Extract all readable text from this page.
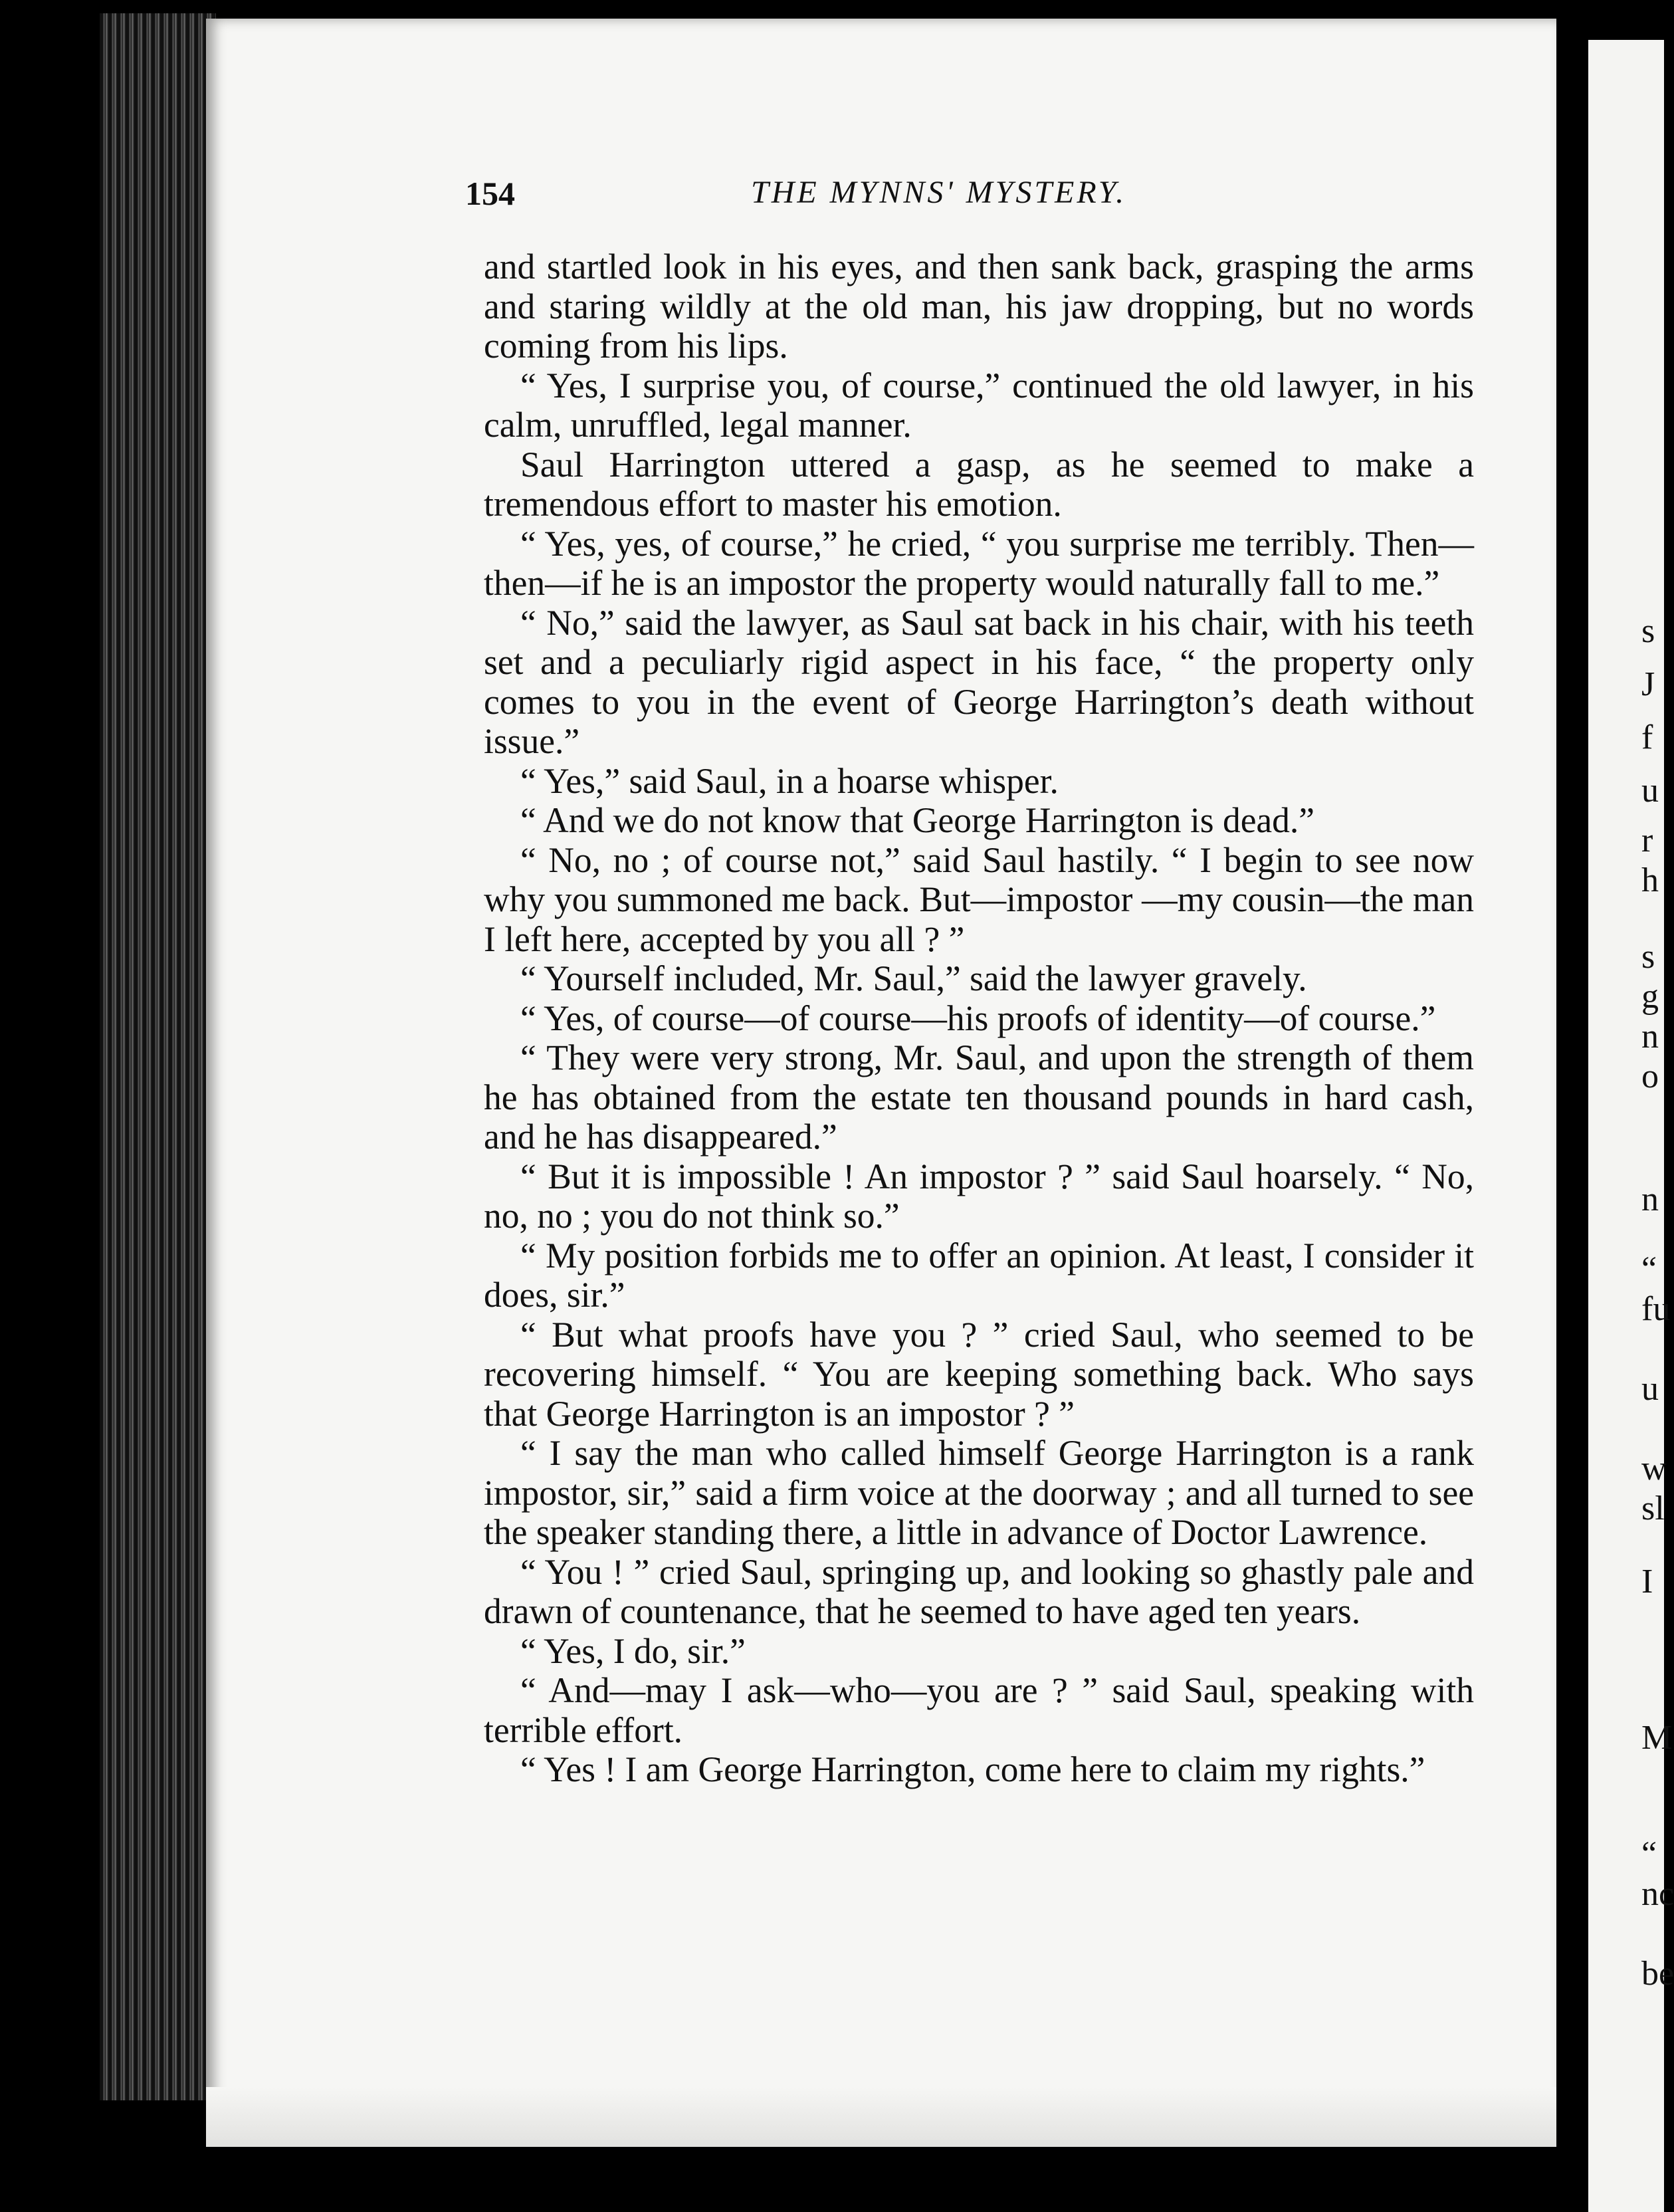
154	THE MYNNS' MYSTERY.

and startled look in his eyes, and then sank back, grasping the arms and staring wildly at the old man, his jaw dropping, but no words coming from his lips.

“ Yes, I surprise you, of course,” continued the old lawyer, in his calm, unruffled, legal manner.

Saul Harrington uttered a gasp, as he seemed to make a tremendous effort to master his emotion.

“ Yes, yes, of course,” he cried, “ you surprise me terribly. Then—then—if he is an impostor the property would naturally fall to me.”

“ No,” said the lawyer, as Saul sat back in his chair, with his teeth set and a peculiarly rigid aspect in his face, “ the property only comes to you in the event of George Harrington’s death without issue.”

“ Yes,” said Saul, in a hoarse whisper.

“ And we do not know that George Harrington is dead.”

“ No, no ; of course not,” said Saul hastily. “ I begin to see now why you summoned me back. But—impostor —my cousin—the man I left here, accepted by you all ? ”

“ Yourself included, Mr. Saul,” said the lawyer gravely.

“ Yes, of course—of course—his proofs of identity—of course.”

“ They were very strong, Mr. Saul, and upon the strength of them he has obtained from the estate ten thousand pounds in hard cash, and he has disappeared.”

“ But it is impossible ! An impostor ? ” said Saul hoarsely. “ No, no, no ; you do not think so.”

“ My position forbids me to offer an opinion. At least, I consider it does, sir.”

“ But what proofs have you ? ” cried Saul, who seemed to be recovering himself. “ You are keeping something back. Who says that George Harrington is an impostor ? ”

“ I say the man who called himself George Harrington is a rank impostor, sir,” said a firm voice at the doorway ; and all turned to see the speaker standing there, a little in advance of Doctor Lawrence.

“ You ! ” cried Saul, springing up, and looking so ghastly pale and drawn of countenance, that he seemed to have aged ten years.

“ Yes, I do, sir.”

“ And—may I ask—who—you are ? ” said Saul, speaking with terrible effort.

“ Yes ! I am George Harrington, come here to claim my rights.”

s
J
f
u
r
h
s
g
n
o
n
“
fu
u
w
sl
I
M
“
nc
be
